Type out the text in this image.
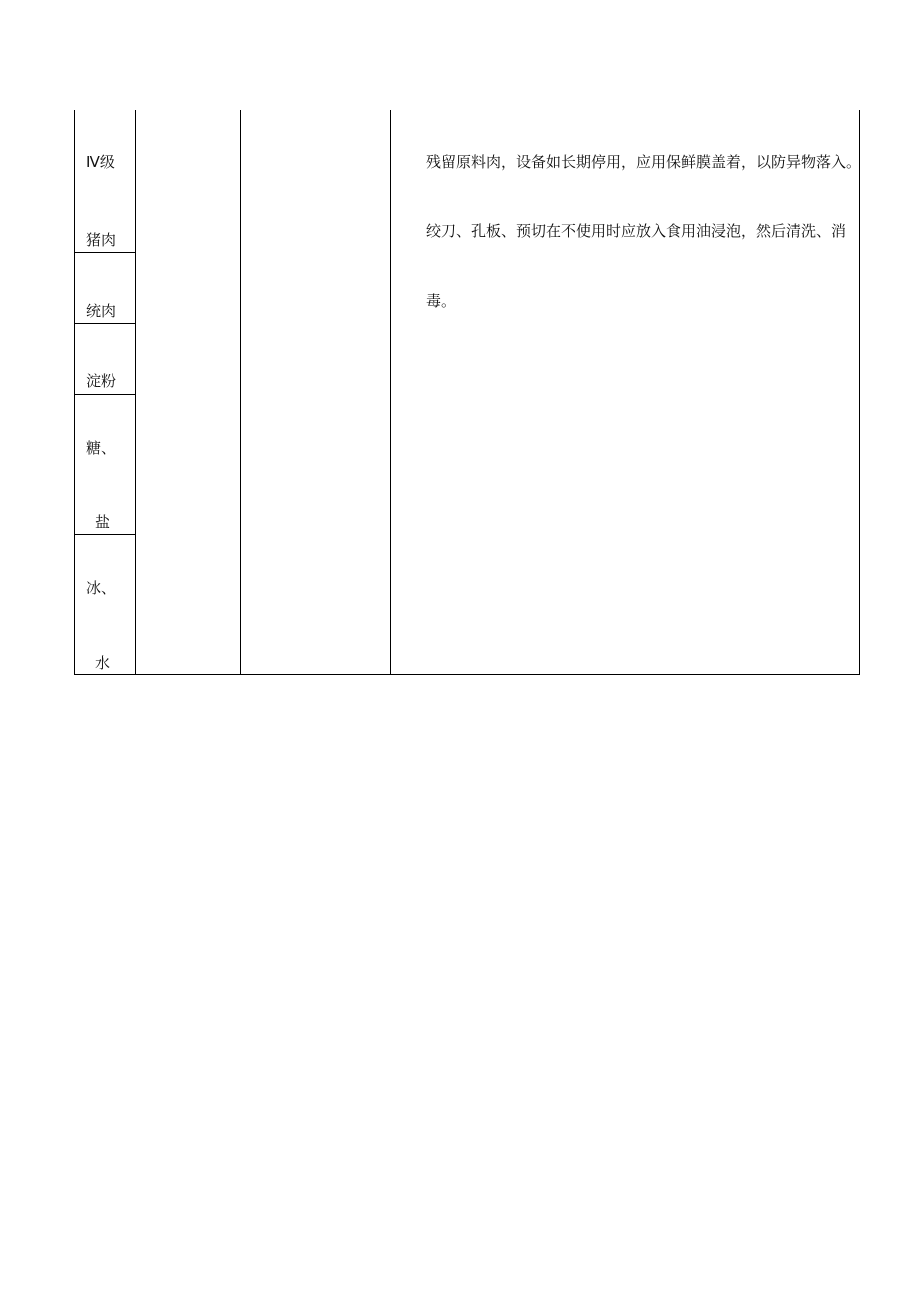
Ⅳ级
猪肉
统肉
淀粉
糖、
盐
冰、
水
残留原料肉，设备如长期停用，应用保鲜膜盖着，以防异物落入。
绞刀、孔板、预切在不使用时应放入食用油浸泡，然后清洗、消
毒。
